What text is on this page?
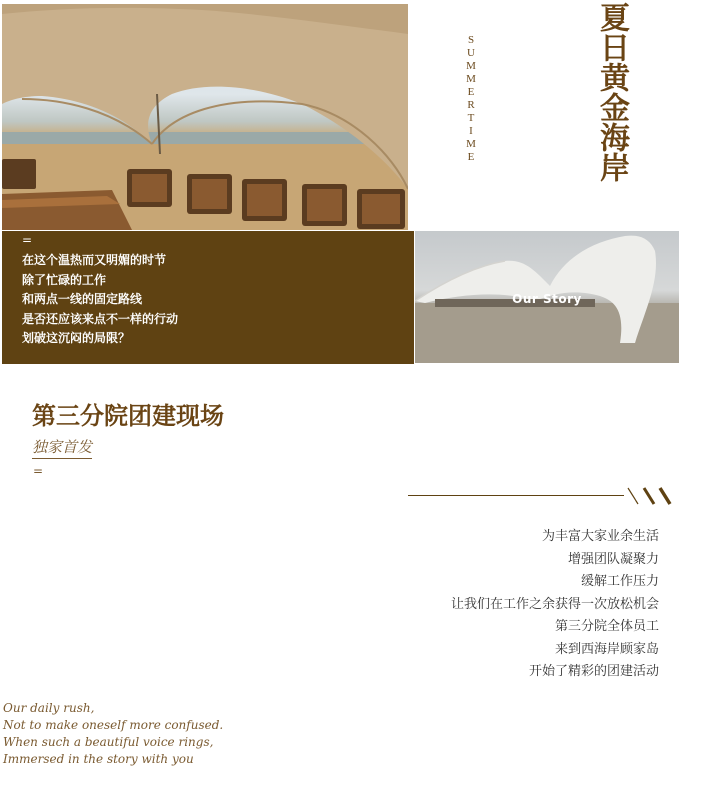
SUMMERTIME	夏日黄金海岸
=
在这个温热而又明媚的时节
除了忙碌的工作
和两点一线的固定路线
是否还应该来点不一样的行动
划破这沉闷的局限？
Our Story
第三分院团建现场
独家首发
=
为丰富大家业余生活
增强团队凝聚力
缓解工作压力
让我们在工作之余获得一次放松机会
第三分院全体员工
来到西海岸顾家岛
开始了精彩的团建活动
Our daily rush,
Not to make oneself more confused.
When such a beautiful voice rings,
Immersed in the story with you
